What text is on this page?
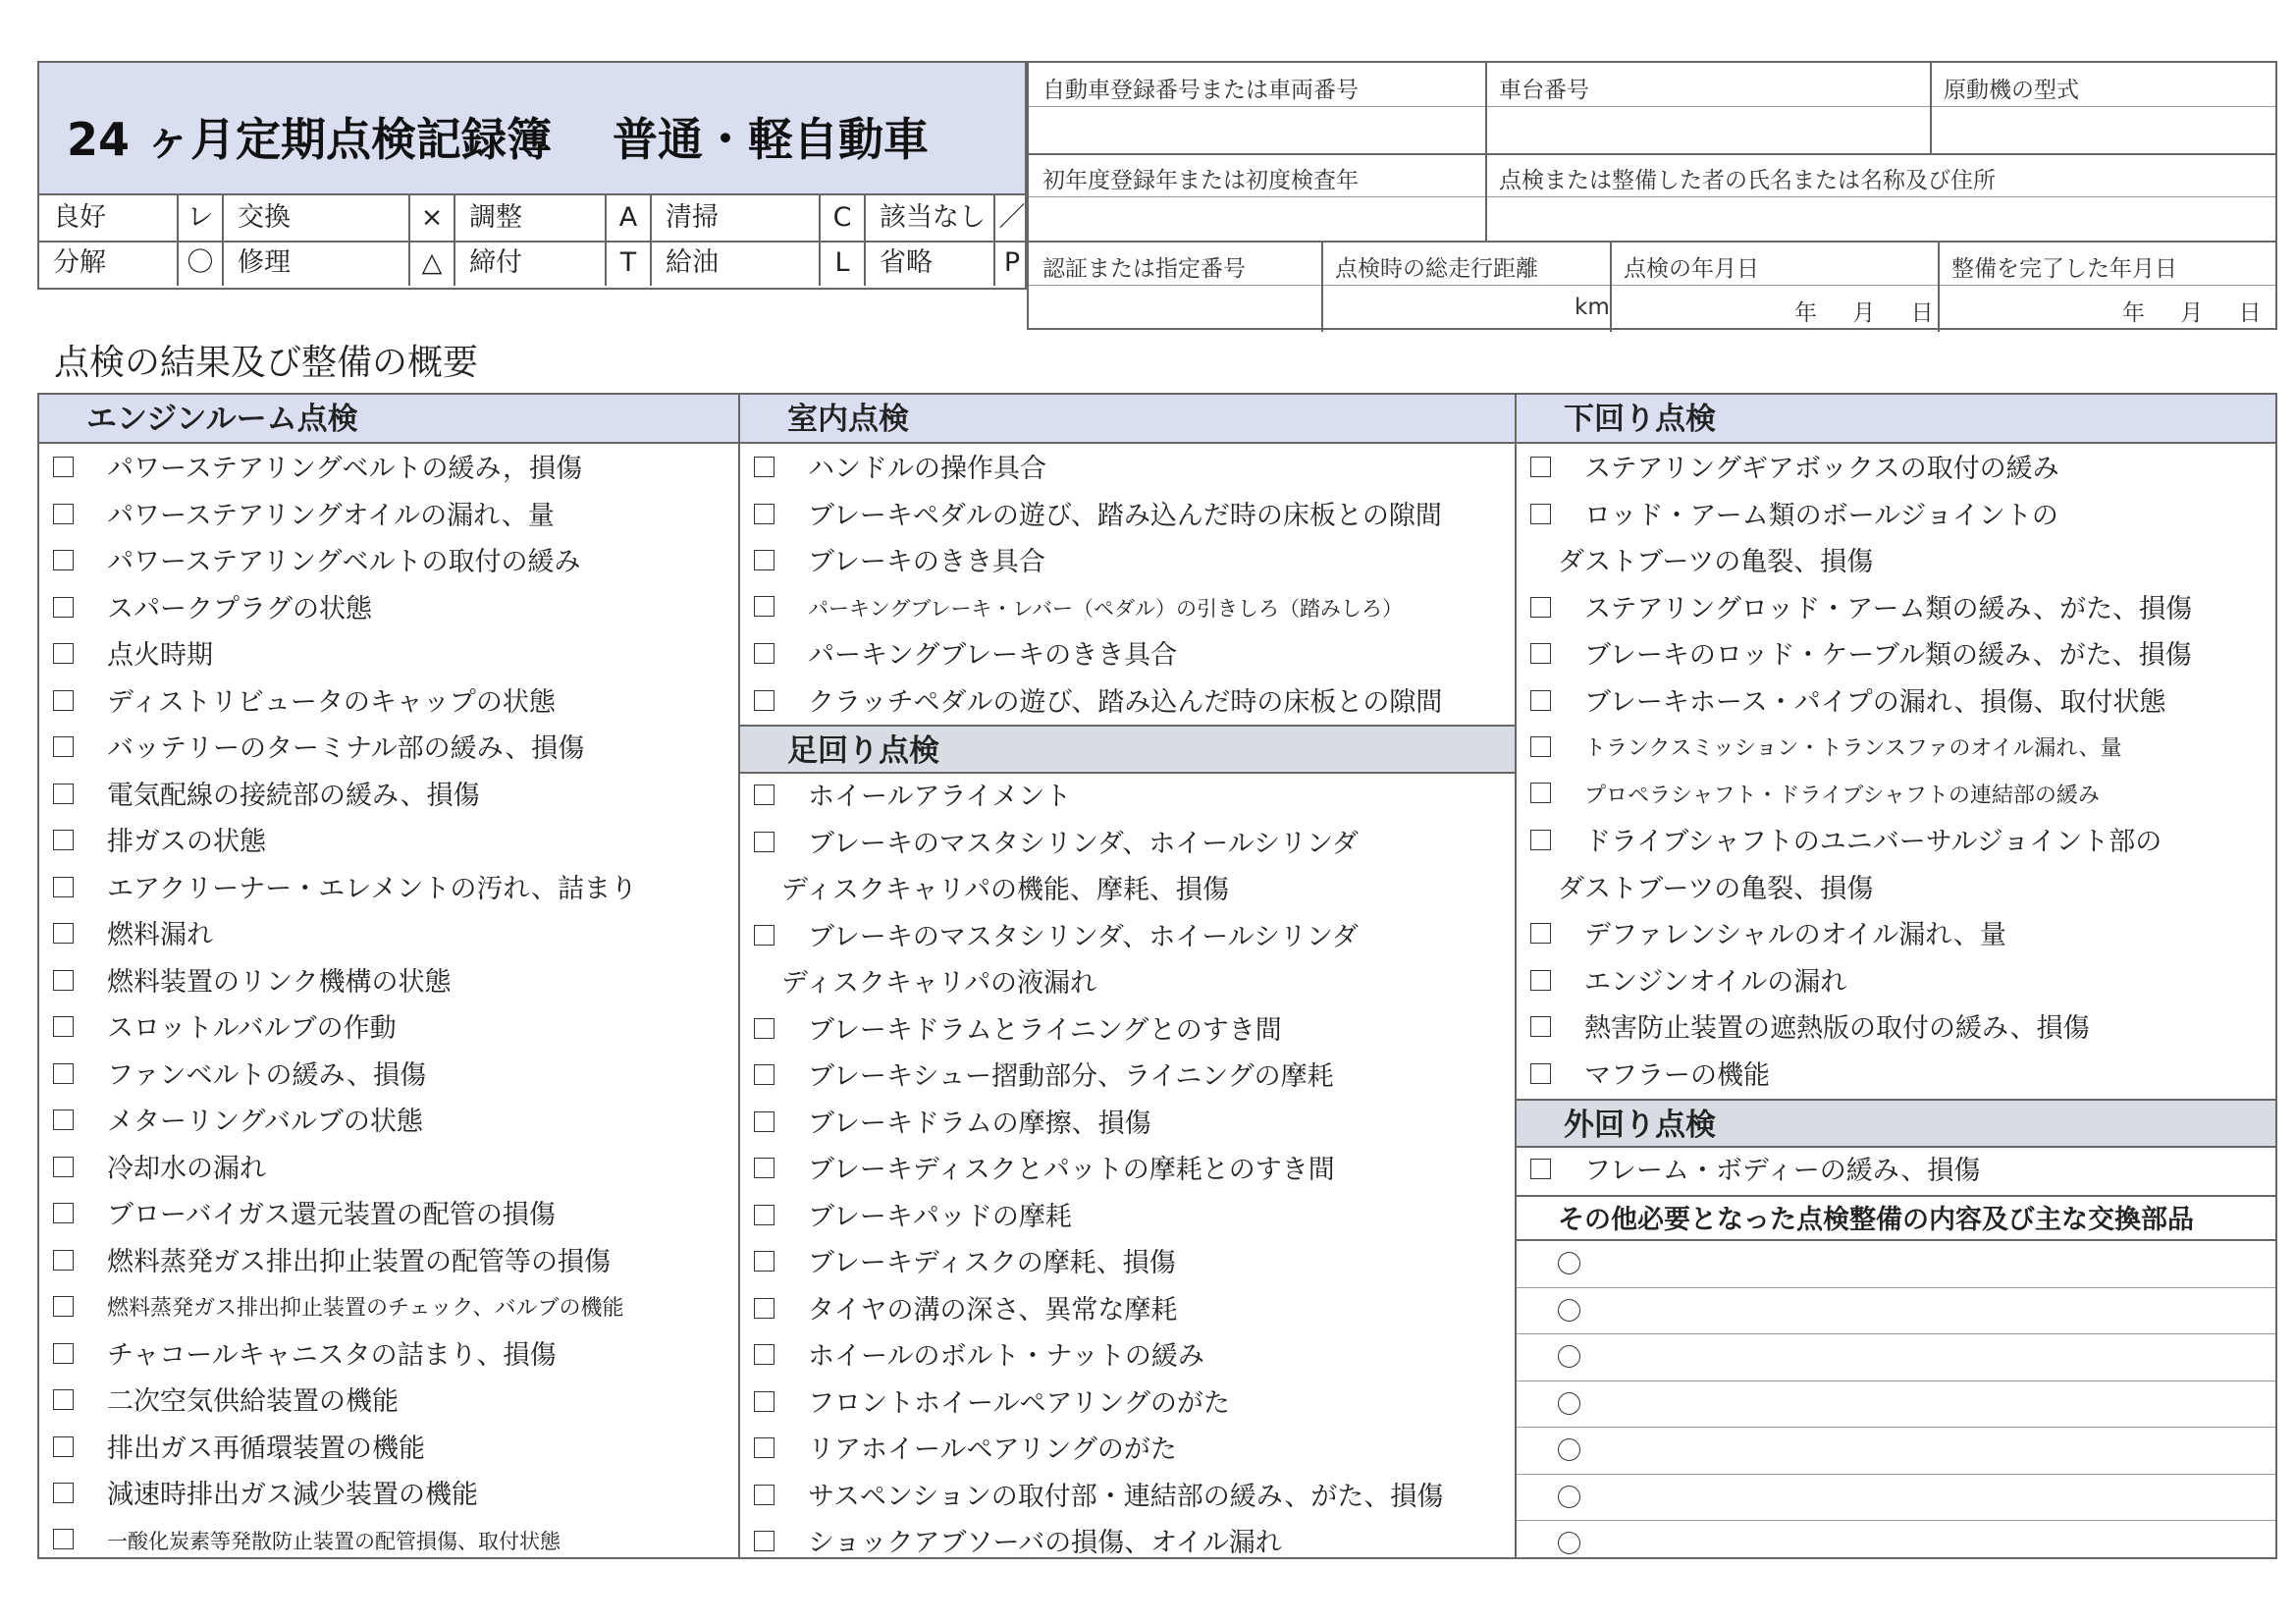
24 ヶ月定期点検記録簿　 普通・軽自動車
良好	レ 交換	× 調整	A	清掃	C	該当なし ／
分解	〇 修理	△	締付	T	給油	L	省略	P
自動車登録番号または車両番号	車台番号	原動機の型式
初年度登録年または初度検査年	点検または整備した者の氏名または名称及び住所
認証または指定番号	点検時の総走行距離	点検の年月日	整備を完了した年月日
km	年　 月　 日	年　 月　 日
点検の結果及び整備の概要
エンジンルーム点検
パワーステアリングベルトの緩み，損傷
パワーステアリングオイルの漏れ、量
パワーステアリングベルトの取付の緩み
スパークプラグの状態
点火時期
ディストリビュータのキャップの状態
バッテリーのターミナル部の緩み、損傷
電気配線の接続部の緩み、損傷
排ガスの状態
エアクリーナー・エレメントの汚れ、詰まり
燃料漏れ
燃料装置のリンク機構の状態
スロットルバルブの作動
ファンベルトの緩み、損傷
メターリングバルブの状態
冷却水の漏れ
ブローバイガス還元装置の配管の損傷
燃料蒸発ガス排出抑止装置の配管等の損傷
燃料蒸発ガス排出抑止装置のチェック、バルブの機能
チャコールキャニスタの詰まり、損傷
二次空気供給装置の機能
排出ガス再循環装置の機能
減速時排出ガス減少装置の機能
一酸化炭素等発散防止装置の配管損傷、取付状態
室内点検
ハンドルの操作具合
ブレーキペダルの遊び、踏み込んだ時の床板との隙間
ブレーキのきき具合
パーキングブレーキ・レバー（ペダル）の引きしろ（踏みしろ）
パーキングブレーキのきき具合
クラッチペダルの遊び、踏み込んだ時の床板との隙間
足回り点検
ホイールアライメント
ブレーキのマスタシリンダ、ホイールシリンダ
ディスクキャリパの機能、摩耗、損傷
ブレーキのマスタシリンダ、ホイールシリンダ
ディスクキャリパの液漏れ
ブレーキドラムとライニングとのすき間
ブレーキシュー摺動部分、ライニングの摩耗
ブレーキドラムの摩擦、損傷
ブレーキディスクとパットの摩耗とのすき間
ブレーキパッドの摩耗
ブレーキディスクの摩耗、損傷
タイヤの溝の深さ、異常な摩耗
ホイールのボルト・ナットの緩み
フロントホイールペアリングのがた
リアホイールペアリングのがた
サスペンションの取付部・連結部の緩み、がた、損傷
ショックアブソーバの損傷、オイル漏れ
下回り点検
ステアリングギアボックスの取付の緩み
ロッド・アーム類のボールジョイントの
ダストブーツの亀裂、損傷
ステアリングロッド・アーム類の緩み、がた、損傷
ブレーキのロッド・ケーブル類の緩み、がた、損傷
ブレーキホース・パイプの漏れ、損傷、取付状態
トランクスミッション・トランスファのオイル漏れ、量
プロペラシャフト・ドライブシャフトの連結部の緩み
ドライブシャフトのユニバーサルジョイント部の
ダストブーツの亀裂、損傷
デファレンシャルのオイル漏れ、量
エンジンオイルの漏れ
熱害防止装置の遮熱版の取付の緩み、損傷
マフラーの機能
外回り点検
フレーム・ボディーの緩み、損傷
その他必要となった点検整備の内容及び主な交換部品
